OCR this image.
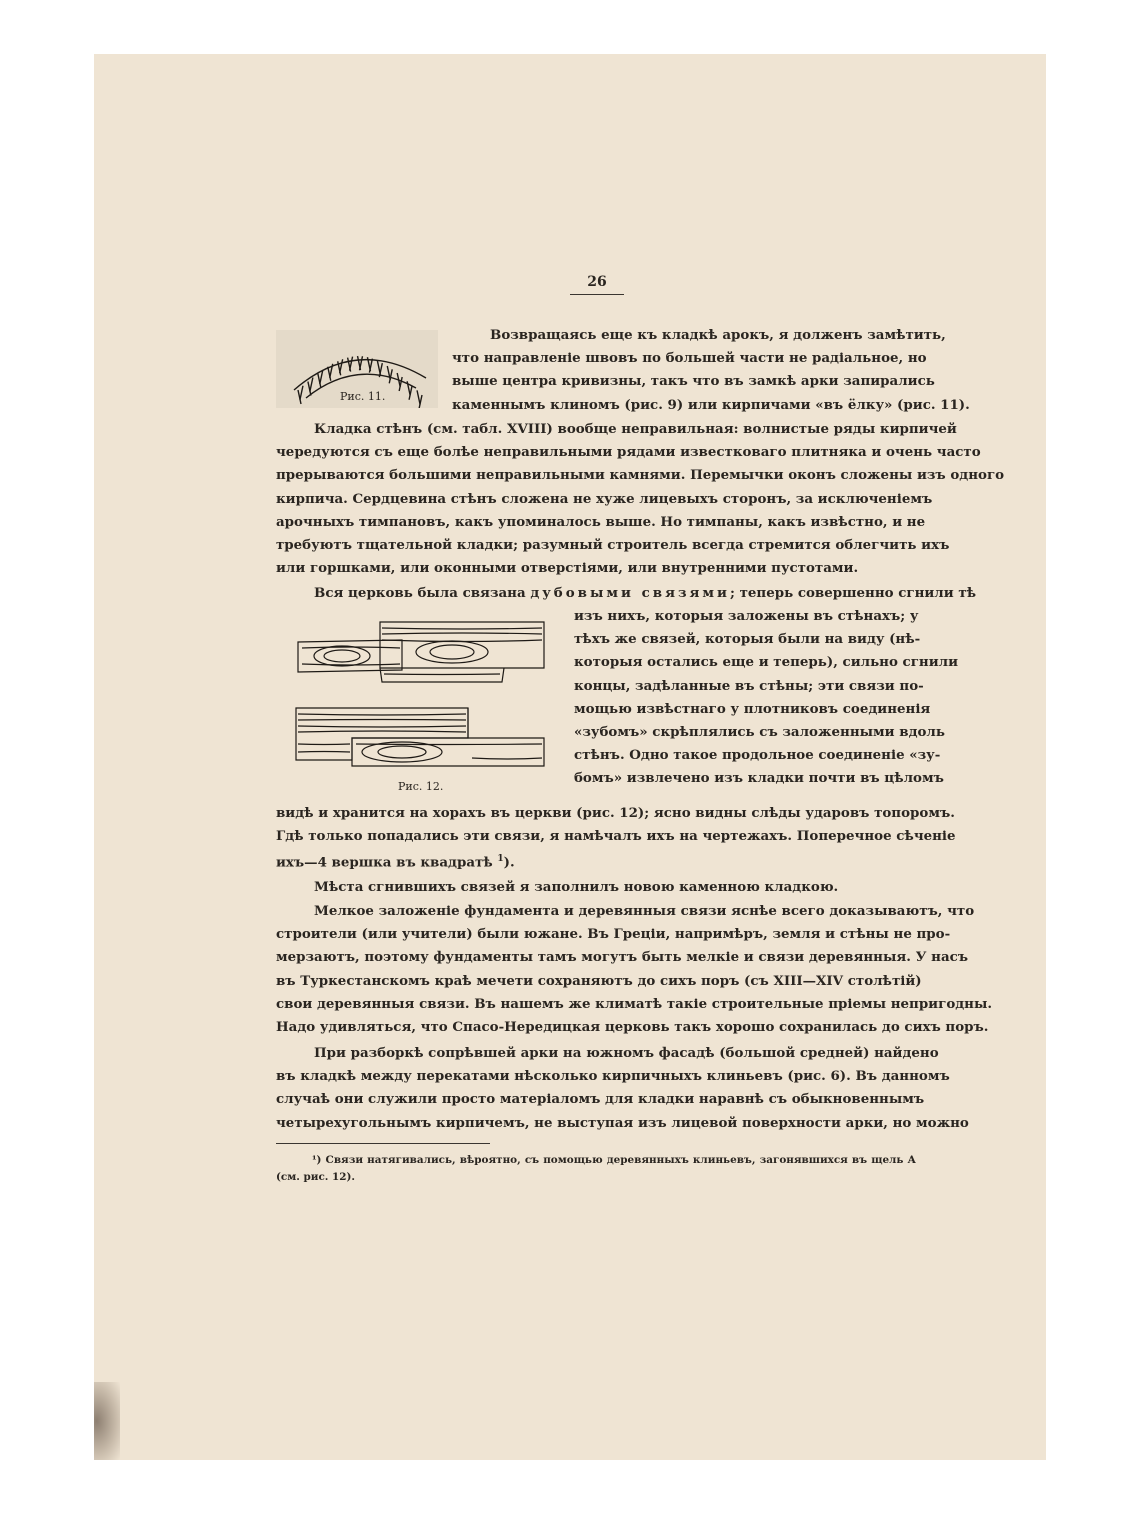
26
Рис. 11.
Рис. 12.
Возвращаясь еще къ кладкѣ арокъ, я долженъ замѣтить,
что направленіе швовъ по большей части не радіальное, но
выше центра кривизны, такъ что въ замкѣ арки запирались
каменнымъ клиномъ (рис. 9) или кирпичами «въ ёлку» (рис. 11).
Кладка стѣнъ (см. табл. XVIII) вообще неправильная: волнистые ряды кирпичей
чередуются съ еще болѣе неправильными рядами известковаго плитняка и очень часто
прерываются большими неправильными камнями. Перемычки оконъ сложены изъ одного
кирпича. Сердцевина стѣнъ сложена не хуже лицевыхъ сторонъ, за исключеніемъ
арочныхъ тимпановъ, какъ упоминалось выше. Но тимпаны, какъ извѣстно, и не
требуютъ тщательной кладки; разумный строитель всегда стремится облегчить ихъ
или горшками, или оконными отверстіями, или внутренними пустотами.
Вся церковь была связана дубовыми связями; теперь совершенно сгнили тѣ
изъ нихъ, которыя заложены въ стѣнахъ; у
тѣхъ же связей, которыя были на виду (нѣ-
которыя остались еще и теперь), сильно сгнили
концы, задѣланные въ стѣны; эти связи по-
мощью извѣстнаго у плотниковъ соединенія
«зубомъ» скрѣплялись съ заложенными вдоль
стѣнъ. Одно такое продольное соединеніе «зу-
бомъ» извлечено изъ кладки почти въ цѣломъ
видѣ и хранится на хорахъ въ церкви (рис. 12); ясно видны слѣды ударовъ топоромъ.
Гдѣ только попадались эти связи, я намѣчалъ ихъ на чертежахъ. Поперечное сѣченіе
ихъ—4 вершка въ квадратѣ $^1$).
Мѣста сгнившихъ связей я заполнилъ новою каменною кладкою.
Мелкое заложеніе фундамента и деревянныя связи яснѣе всего доказываютъ, что
строители (или учители) были южане. Въ Греціи, напримѣръ, земля и стѣны не про-
мерзаютъ, поэтому фундаменты тамъ могутъ быть мелкіе и связи деревянныя. У насъ
въ Туркестанскомъ краѣ мечети сохраняютъ до сихъ поръ (съ XIII—XIV столѣтій)
свои деревянныя связи. Въ нашемъ же климатѣ такіе строительные пріемы непригодны.
Надо удивляться, что Спасо-Нередицкая церковь такъ хорошо сохранилась до сихъ поръ.
При разборкѣ сопрѣвшей арки на южномъ фасадѣ (большой средней) найдено
въ кладкѣ между перекатами нѣсколько кирпичныхъ клиньевъ (рис. 6). Въ данномъ
случаѣ они служили просто матеріаломъ для кладки наравнѣ съ обыкновеннымъ
четырехугольнымъ кирпичемъ, не выступая изъ лицевой поверхности арки, но можно
¹) Связи натягивались, вѣроятно, съ помощью деревянныхъ клиньевъ, загонявшихся въ щель А
(см. рис. 12).
